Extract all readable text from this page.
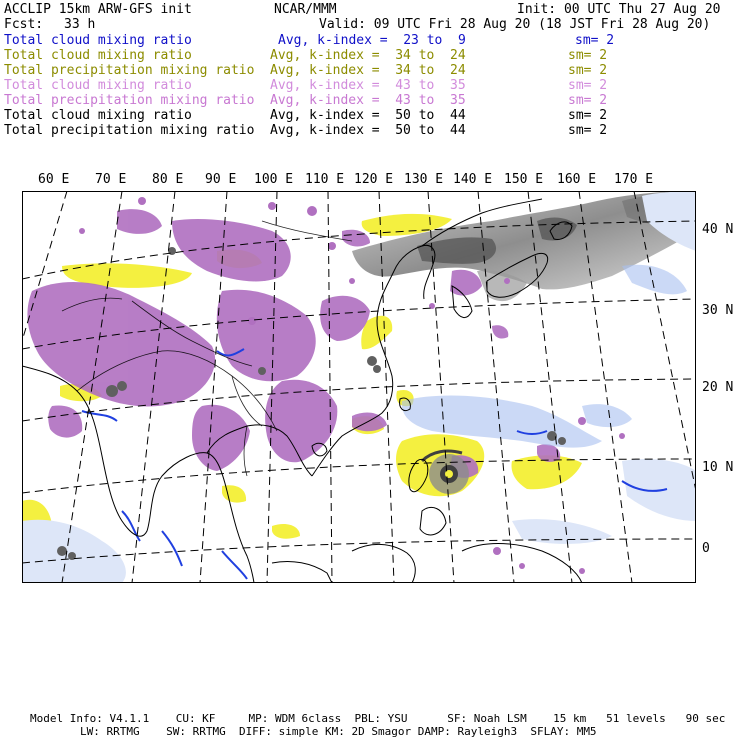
ACCLIP 15km ARW-GFS init	NCAR/MMM	Init: 00 UTC Thu 27 Aug 20
Fcst: 33 h	Valid: 09 UTC Fri 28 Aug 20 (18 JST Fri 28 Aug 20)
Total cloud mixing ratio	Avg, k-index =  23 to  9	sm= 2
Total cloud mixing ratio	Avg, k-index =  34 to  24	sm= 2
Total precipitation mixing ratio Avg, k-index =  34 to  24	sm= 2
Total cloud mixing ratio	Avg, k-index =  43 to  35	sm= 2
Total precipitation mixing ratio Avg, k-index =  43 to  35	sm= 2
Total cloud mixing ratio	Avg, k-index =  50 to  44	sm= 2
Total precipitation mixing ratio Avg, k-index =  50 to  44	sm= 2
60 E 70 E 80 E 90 E 100 E 110 E 120 E 130 E 140 E 150 E 160 E 170 E
40 N
30 N
20 N
10 N
0
Model Info: V4.1.1    CU: KF     MP: WDM 6class  PBL: YSU      SF: Noah LSM    15 km   51 levels   90 sec
LW: RRTMG    SW: RRTMG  DIFF: simple KM: 2D Smagor DAMP: Rayleigh3  SFLAY: MM5
